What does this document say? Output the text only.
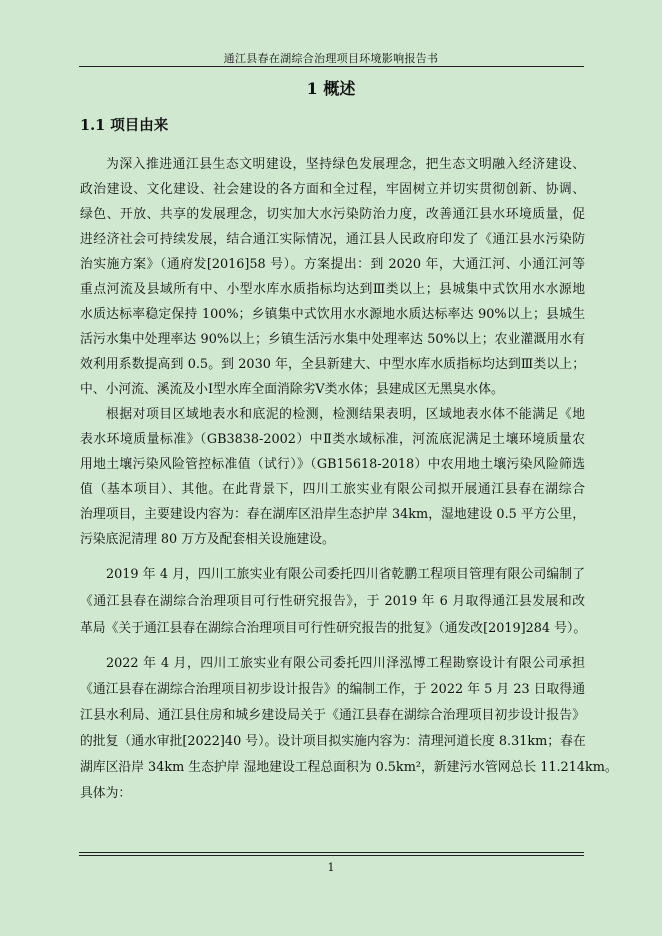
通江县春在湖综合治理项目环境影响报告书
1 概述
1.1 项目由来
为深入推进通江县生态文明建设，坚持绿色发展理念，把生态文明融入经济建设、
政治建设、文化建设、社会建设的各方面和全过程，牢固树立并切实贯彻创新、协调、
绿色、开放、共享的发展理念，切实加大水污染防治力度，改善通江县水环境质量，促
进经济社会可持续发展，结合通江实际情况，通江县人民政府印发了《通江县水污染防
治实施方案》（通府发[2016]58 号）。方案提出：到 2020 年，大通江河、小通江河等
重点河流及县域所有中、小型水库水质指标均达到Ⅲ类以上；县城集中式饮用水水源地
水质达标率稳定保持 100%；乡镇集中式饮用水水源地水质达标率达 90%以上；县城生
活污水集中处理率达 90%以上；乡镇生活污水集中处理率达 50%以上；农业灌溉用水有
效利用系数提高到 0.5。到 2030 年，全县新建大、中型水库水质指标均达到Ⅲ类以上；
中、小河流、溪流及小Ⅰ型水库全面消除劣Ⅴ类水体；县建成区无黑臭水体。
根据对项目区域地表水和底泥的检测，检测结果表明，区域地表水体不能满足《地
表水环境质量标准》（GB3838-2002）中Ⅱ类水域标准，河流底泥满足土壤环境质量农
用地土壤污染风险管控标准值（试行）》（GB15618-2018）中农用地土壤污染风险筛选
值（基本项目）、其他。在此背景下，四川工旅实业有限公司拟开展通江县春在湖综合
治理项目，主要建设内容为：春在湖库区沿岸生态护岸 34km，湿地建设 0.5 平方公里，
污染底泥清理 80 万方及配套相关设施建设。
2019 年 4 月，四川工旅实业有限公司委托四川省乾鹏工程项目管理有限公司编制了
《通江县春在湖综合治理项目可行性研究报告》，于 2019 年 6 月取得通江县发展和改
革局《关于通江县春在湖综合治理项目可行性研究报告的批复》（通发改[2019]284 号）。
2022 年 4 月，四川工旅实业有限公司委托四川泽泓博工程勘察设计有限公司承担
《通江县春在湖综合治理项目初步设计报告》的编制工作，于 2022 年 5 月 23 日取得通
江县水利局、通江县住房和城乡建设局关于《通江县春在湖综合治理项目初步设计报告》
的批复（通水审批[2022]40 号）。设计项目拟实施内容为：清理河道长度 8.31km；春在
湖库区沿岸 34km 生态护岸 湿地建设工程总面积为 0.5km²，新建污水管网总长 11.214km。
具体为：
1
